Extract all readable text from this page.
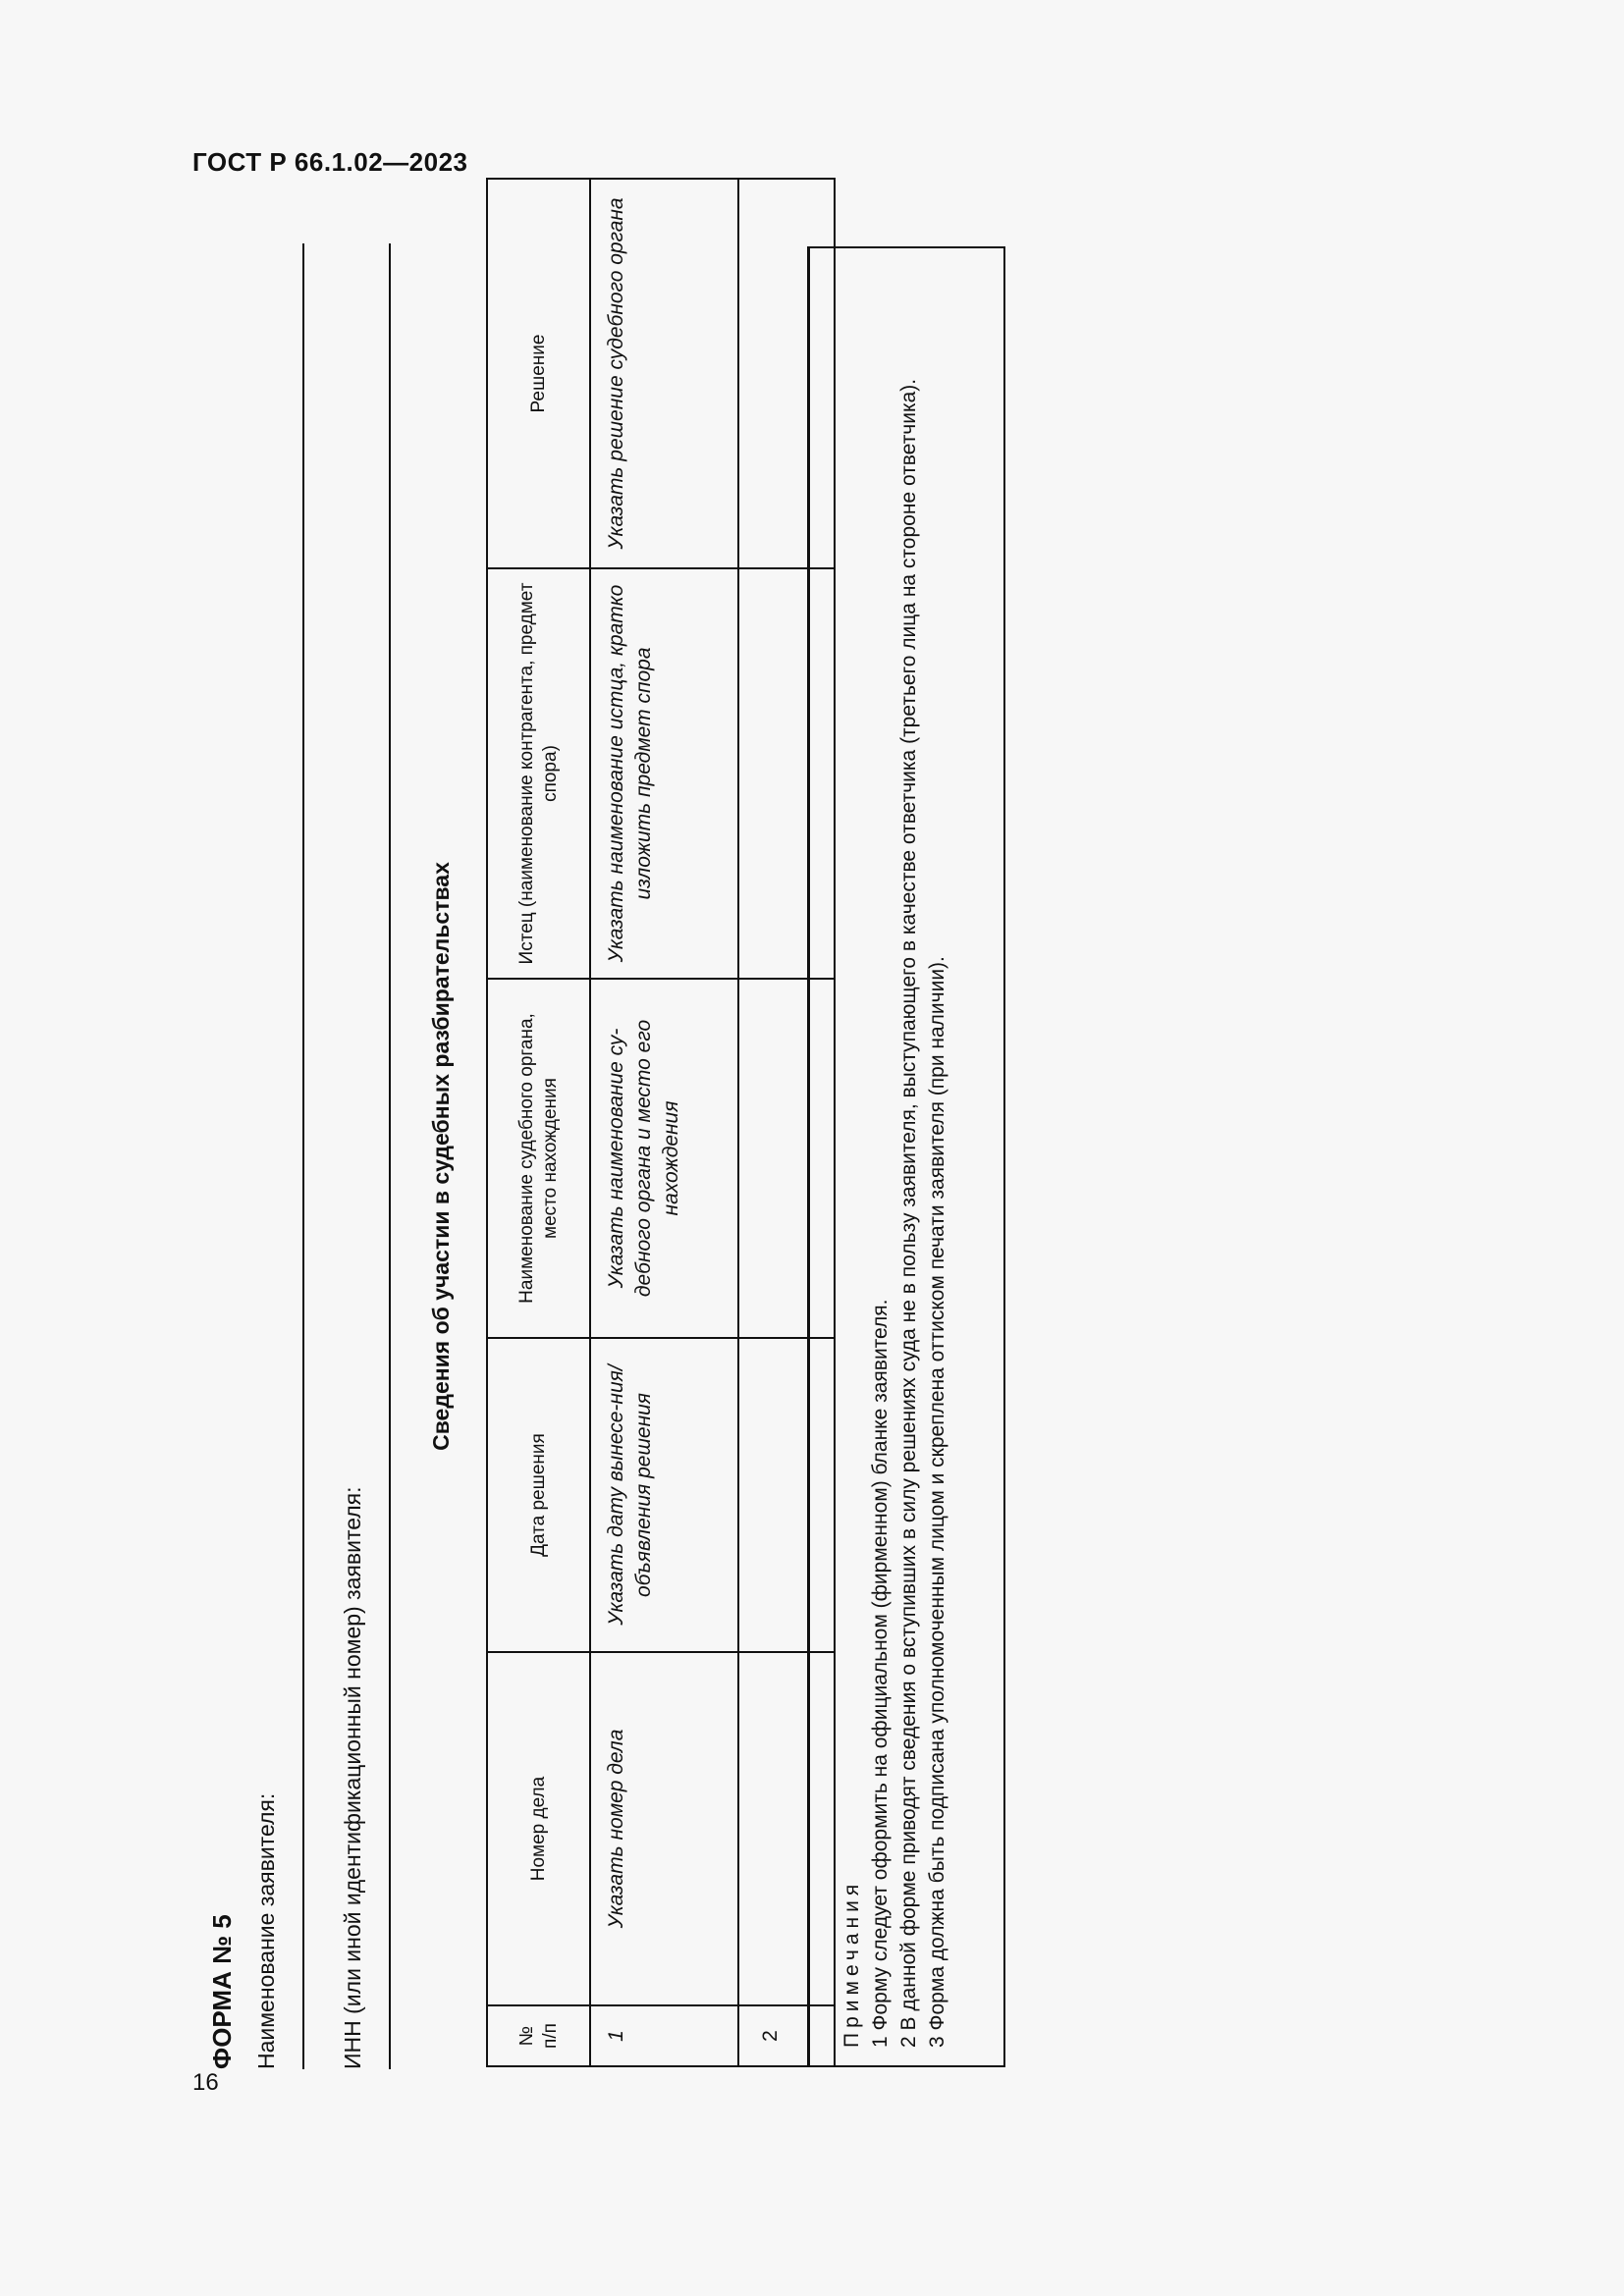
ГОСТ Р 66.1.02—2023
16
ФОРМА № 5 Наименование заявителя:	ИНН (или иной идентификационный номер) заявителя:
Сведения об участии в судебных разбирательствах
№ п/п	Номер дела	Дата решения	Наименование судебного органа, место нахождения	Истец (наименование контрагента, предмет спора)	Решение
1	Указать номер дела	Указать дату вынесе-ния/объявления решения	Указать наименование су-дебного органа и место его нахождения	Указать наименование истца, кратко изложить предмет спора	Указать решение судебного органа
2						Примечания 1 Форму следует оформить на официальном (фирменном) бланке заявителя. 2 В данной форме приводят сведения о вступивших в силу решениях суда не в пользу заявителя, выступающего в качестве ответчика (третьего лица на стороне ответчика). 3 Форма должна быть подписана уполномоченным лицом и скреплена оттиском печати заявителя (при наличии).
